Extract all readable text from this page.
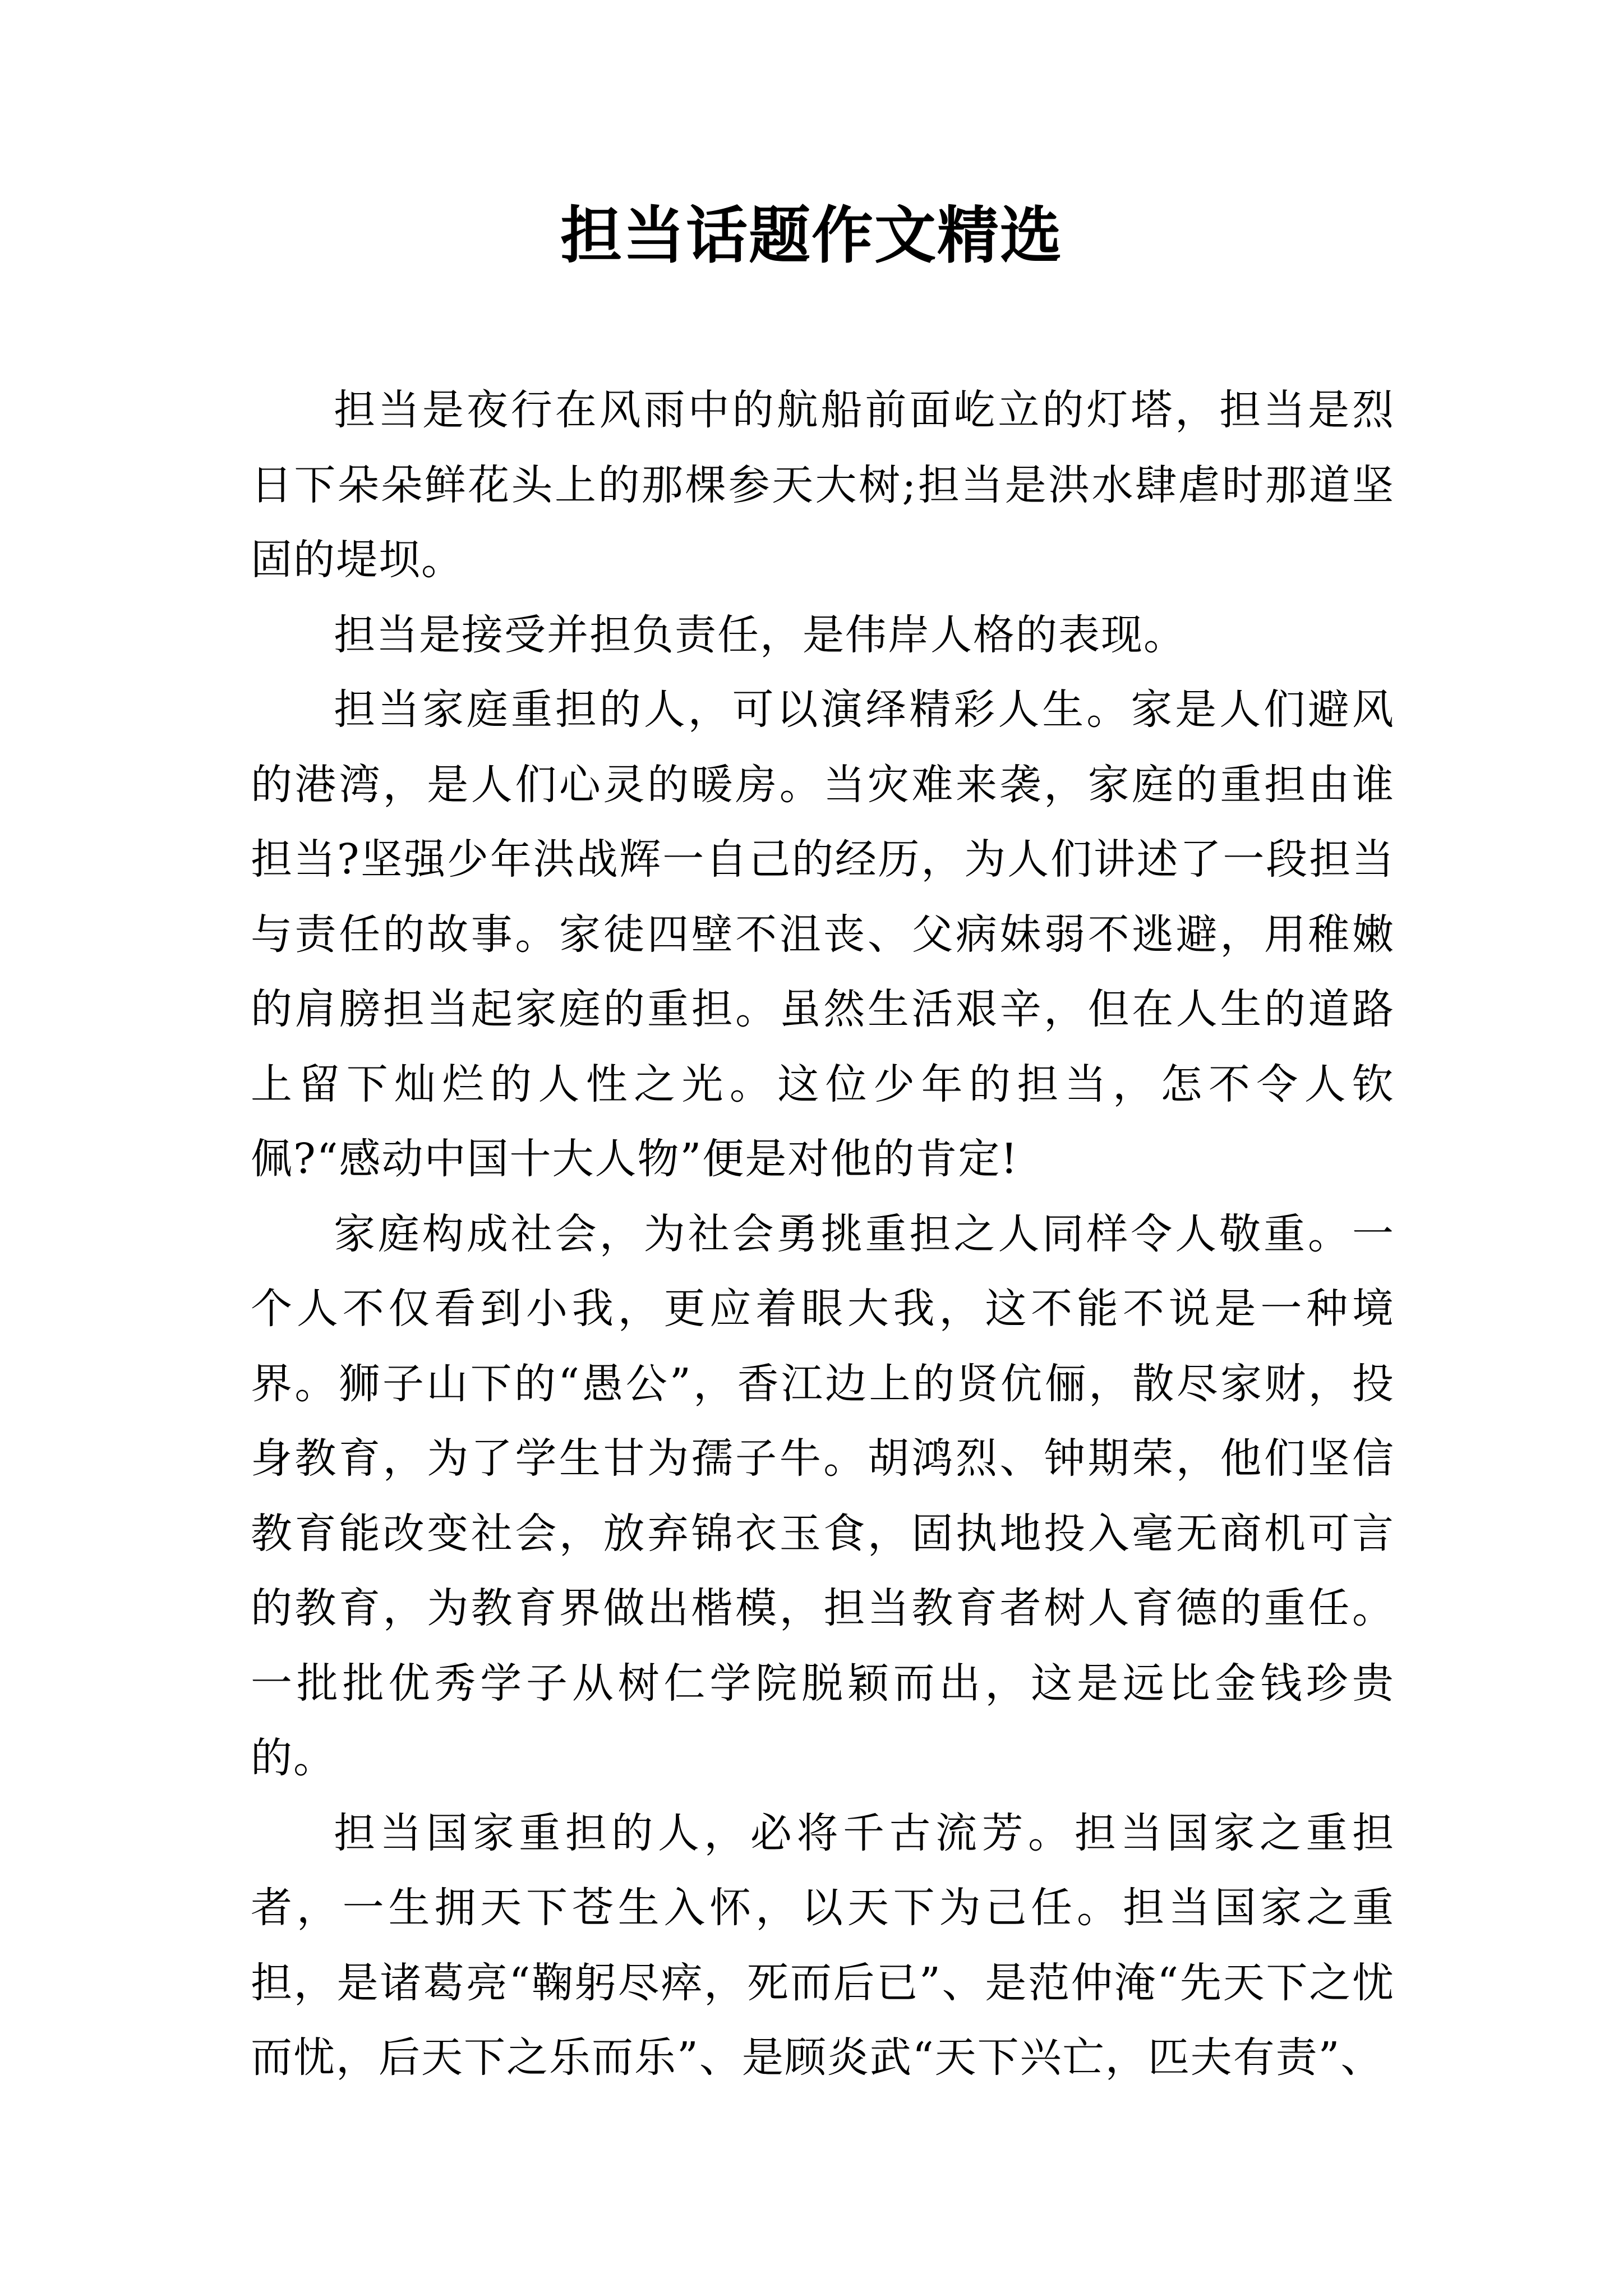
担当话题作文精选

担当是夜行在风雨中的航船前面屹立的灯塔，担当是烈日下朵朵鲜花头上的那棵参天大树;担当是洪水肆虐时那道坚固的堤坝。

担当是接受并担负责任，是伟岸人格的表现。

担当家庭重担的人，可以演绎精彩人生。家是人们避风的港湾，是人们心灵的暖房。当灾难来袭，家庭的重担由谁担当?坚强少年洪战辉一自己的经历，为人们讲述了一段担当与责任的故事。家徒四壁不沮丧、父病妹弱不逃避，用稚嫩的肩膀担当起家庭的重担。虽然生活艰辛，但在人生的道路上留下灿烂的人性之光。这位少年的担当，怎不令人钦佩?“感动中国十大人物”便是对他的肯定!

家庭构成社会，为社会勇挑重担之人同样令人敬重。一个人不仅看到小我，更应着眼大我，这不能不说是一种境界。狮子山下的“愚公”，香江边上的贤伉俪，散尽家财，投身教育，为了学生甘为孺子牛。胡鸿烈、钟期荣，他们坚信教育能改变社会，放弃锦衣玉食，固执地投入毫无商机可言的教育，为教育界做出楷模，担当教育者树人育德的重任。一批批优秀学子从树仁学院脱颖而出，这是远比金钱珍贵的。

担当国家重担的人，必将千古流芳。担当国家之重担者，一生拥天下苍生入怀，以天下为己任。担当国家之重担，是诸葛亮“鞠躬尽瘁，死而后已”、是范仲淹“先天下之忧而忧，后天下之乐而乐”、是顾炎武“天下兴亡，匹夫有责”、
